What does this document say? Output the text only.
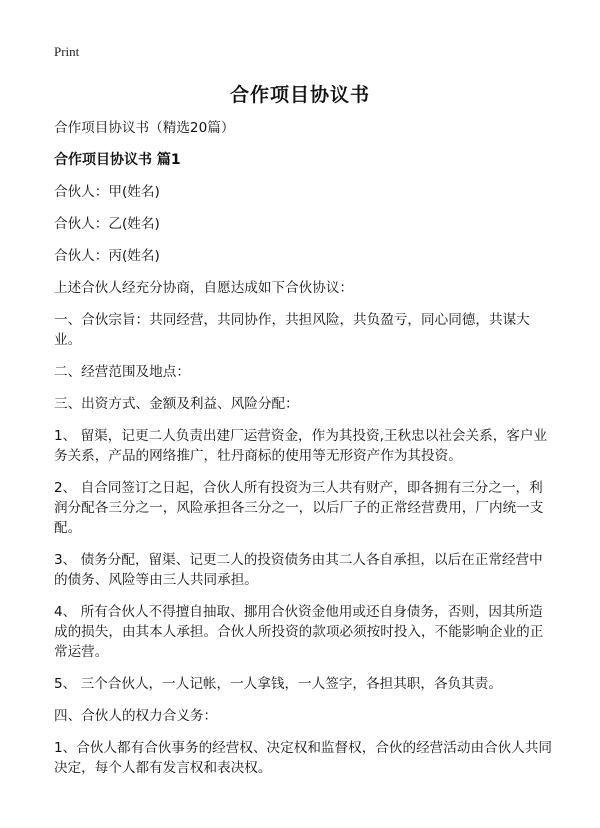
Print
合作项目协议书

合作项目协议书（精选20篇）

合作项目协议书 篇1

合伙人：甲(姓名)

合伙人：乙(姓名)

合伙人：丙(姓名)

上述合伙人经充分协商，自愿达成如下合伙协议：

一、合伙宗旨：共同经营，共同协作，共担风险，共负盈亏，同心同德，共谋大业。

二、经营范围及地点：

三、出资方式、金额及利益、风险分配：

1、 留渠，记更二人负责出建厂运营资金，作为其投资,王秋忠以社会关系，客户业务关系，产品的网络推广，牡丹商标的使用等无形资产作为其投资。

2、 自合同签订之日起，合伙人所有投资为三人共有财产，即各拥有三分之一，利润分配各三分之一，风险承担各三分之一，以后厂子的正常经营费用，厂内统一支配。

3、 债务分配，留渠、记更二人的投资债务由其二人各自承担，以后在正常经营中的债务、风险等由三人共同承担。

4、 所有合伙人不得擅自抽取、挪用合伙资金他用或还自身债务，否则，因其所造成的损失，由其本人承担。合伙人所投资的款项必须按时投入，不能影响企业的正常运营。

5、 三个合伙人，一人记帐，一人拿钱，一人签字，各担其职，各负其责。

四、合伙人的权力合义务：

1、合伙人都有合伙事务的经营权、决定权和监督权，合伙的经营活动由合伙人共同决定，每个人都有发言权和表决权。
